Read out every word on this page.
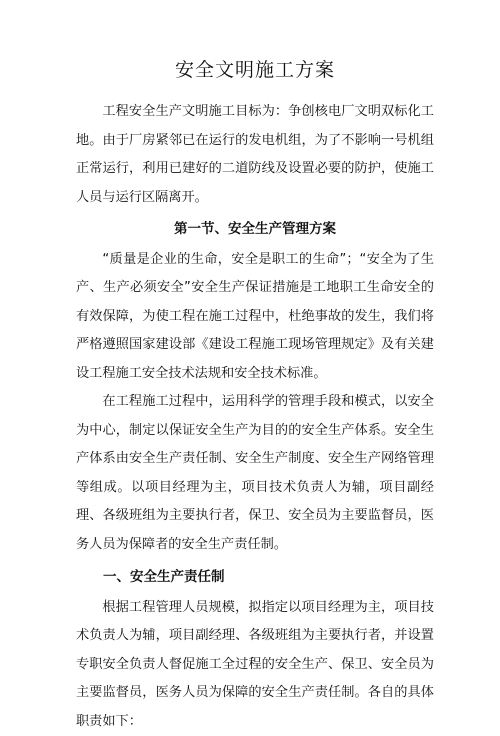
安全文明施工方案

工程安全生产文明施工目标为：争创核电厂文明双标化工地。由于厂房紧邻已在运行的发电机组，为了不影响一号机组正常运行，利用已建好的二道防线及设置必要的防护，使施工人员与运行区隔离开。

第一节、安全生产管理方案

“质量是企业的生命，安全是职工的生命”；“安全为了生产、生产必须安全”安全生产保证措施是工地职工生命安全的有效保障，为使工程在施工过程中，杜绝事故的发生，我们将严格遵照国家建设部《建设工程施工现场管理规定》及有关建设工程施工安全技术法规和安全技术标准。

在工程施工过程中，运用科学的管理手段和模式，以安全为中心，制定以保证安全生产为目的的安全生产体系。安全生产体系由安全生产责任制、安全生产制度、安全生产网络管理等组成。以项目经理为主，项目技术负责人为辅，项目副经理、各级班组为主要执行者，保卫、安全员为主要监督员，医务人员为保障者的安全生产责任制。

一、安全生产责任制

根据工程管理人员规模，拟指定以项目经理为主，项目技术负责人为辅，项目副经理、各级班组为主要执行者，并设置专职安全负责人督促施工全过程的安全生产、保卫、安全员为主要监督员，医务人员为保障的安全生产责任制。各自的具体职责如下：
